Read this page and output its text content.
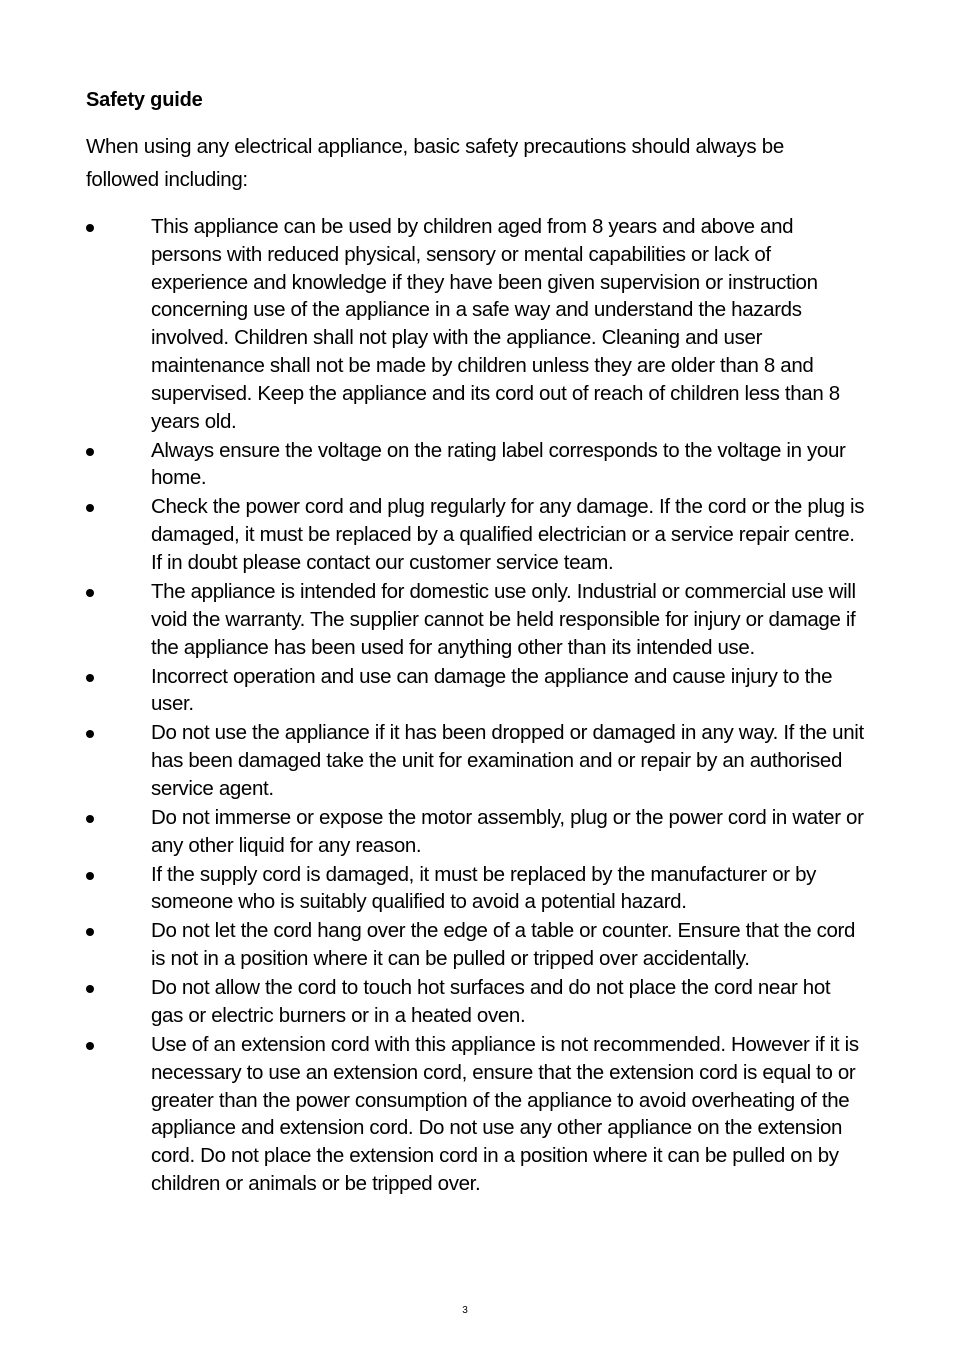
Safety guide
When using any electrical appliance, basic safety precautions should always be followed including:
This appliance can be used by children aged from 8 years and above and persons with reduced physical, sensory or mental capabilities or lack of experience and knowledge if they have been given supervision or instruction concerning use of the appliance in a safe way and understand the hazards involved. Children shall not play with the appliance. Cleaning and user maintenance shall not be made by children unless they are older than 8 and supervised. Keep the appliance and its cord out of reach of children less than 8 years old.
Always ensure the voltage on the rating label corresponds to the voltage in your home.
Check the power cord and plug regularly for any damage. If the cord or the plug is damaged, it must be replaced by a qualified electrician or a service repair centre. If in doubt please contact our customer service team.
The appliance is intended for domestic use only. Industrial or commercial use will void the warranty. The supplier cannot be held responsible for injury or damage if the appliance has been used for anything other than its intended use.
Incorrect operation and use can damage the appliance and cause injury to the user.
Do not use the appliance if it has been dropped or damaged in any way. If the unit has been damaged take the unit for examination and or repair by an authorised service agent.
Do not immerse or expose the motor assembly, plug or the power cord in water or any other liquid for any reason.
If the supply cord is damaged, it must be replaced by the manufacturer or by someone who is suitably qualified to avoid a potential hazard.
Do not let the cord hang over the edge of a table or counter. Ensure that the cord is not in a position where it can be pulled or tripped over accidentally.
Do not allow the cord to touch hot surfaces and do not place the cord near hot gas or electric burners or in a heated oven.
Use of an extension cord with this appliance is not recommended. However if it is necessary to use an extension cord, ensure that the extension cord is equal to or greater than the power consumption of the appliance to avoid overheating of the appliance and extension cord. Do not use any other appliance on the extension cord. Do not place the extension cord in a position where it can be pulled on by children or animals or be tripped over.
3
